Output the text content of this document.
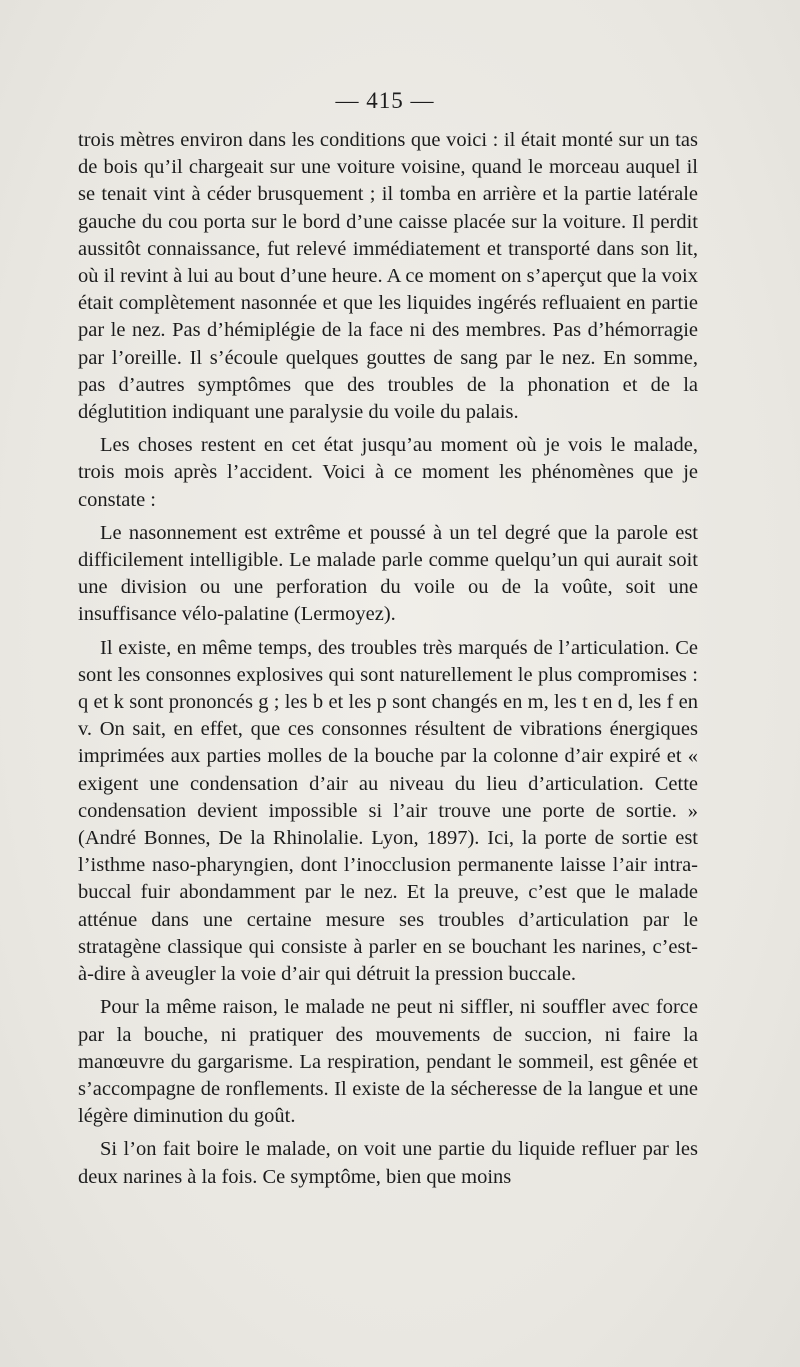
— 415 —

trois mètres environ dans les conditions que voici : il était monté sur un tas de bois qu’il chargeait sur une voiture voisine, quand le morceau auquel il se tenait vint à céder brusquement ; il tomba en arrière et la partie latérale gauche du cou porta sur le bord d’une caisse placée sur la voiture. Il perdit aussitôt connaissance, fut relevé immédiatement et transporté dans son lit, où il revint à lui au bout d’une heure. A ce moment on s’aperçut que la voix était complètement nasonnée et que les liquides ingérés refluaient en partie par le nez. Pas d’hémiplégie de la face ni des membres. Pas d’hémorragie par l’oreille. Il s’écoule quelques gouttes de sang par le nez. En somme, pas d’autres symptômes que des troubles de la phonation et de la déglutition indiquant une paralysie du voile du palais.

Les choses restent en cet état jusqu’au moment où je vois le malade, trois mois après l’accident. Voici à ce moment les phénomènes que je constate :

Le nasonnement est extrême et poussé à un tel degré que la parole est difficilement intelligible. Le malade parle comme quelqu’un qui aurait soit une division ou une perforation du voile ou de la voûte, soit une insuffisance vélo-palatine (Lermoyez).

Il existe, en même temps, des troubles très marqués de l’articulation. Ce sont les consonnes explosives qui sont naturellement le plus compromises : q et k sont prononcés g ; les b et les p sont changés en m, les t en d, les f en v. On sait, en effet, que ces consonnes résultent de vibrations énergiques imprimées aux parties molles de la bouche par la colonne d’air expiré et « exigent une condensation d’air au niveau du lieu d’articulation. Cette condensation devient impossible si l’air trouve une porte de sortie. » (André Bonnes, De la Rhinolalie. Lyon, 1897). Ici, la porte de sortie est l’isthme naso-pharyngien, dont l’inocclusion permanente laisse l’air intra-buccal fuir abondamment par le nez. Et la preuve, c’est que le malade atténue dans une certaine mesure ses troubles d’articulation par le stratagène classique qui consiste à parler en se bouchant les narines, c’est-à-dire à aveugler la voie d’air qui détruit la pression buccale.

Pour la même raison, le malade ne peut ni siffler, ni souffler avec force par la bouche, ni pratiquer des mouvements de succion, ni faire la manœuvre du gargarisme. La respiration, pendant le sommeil, est gênée et s’accompagne de ronflements. Il existe de la sécheresse de la langue et une légère diminution du goût.

Si l’on fait boire le malade, on voit une partie du liquide refluer par les deux narines à la fois. Ce symptôme, bien que moins
